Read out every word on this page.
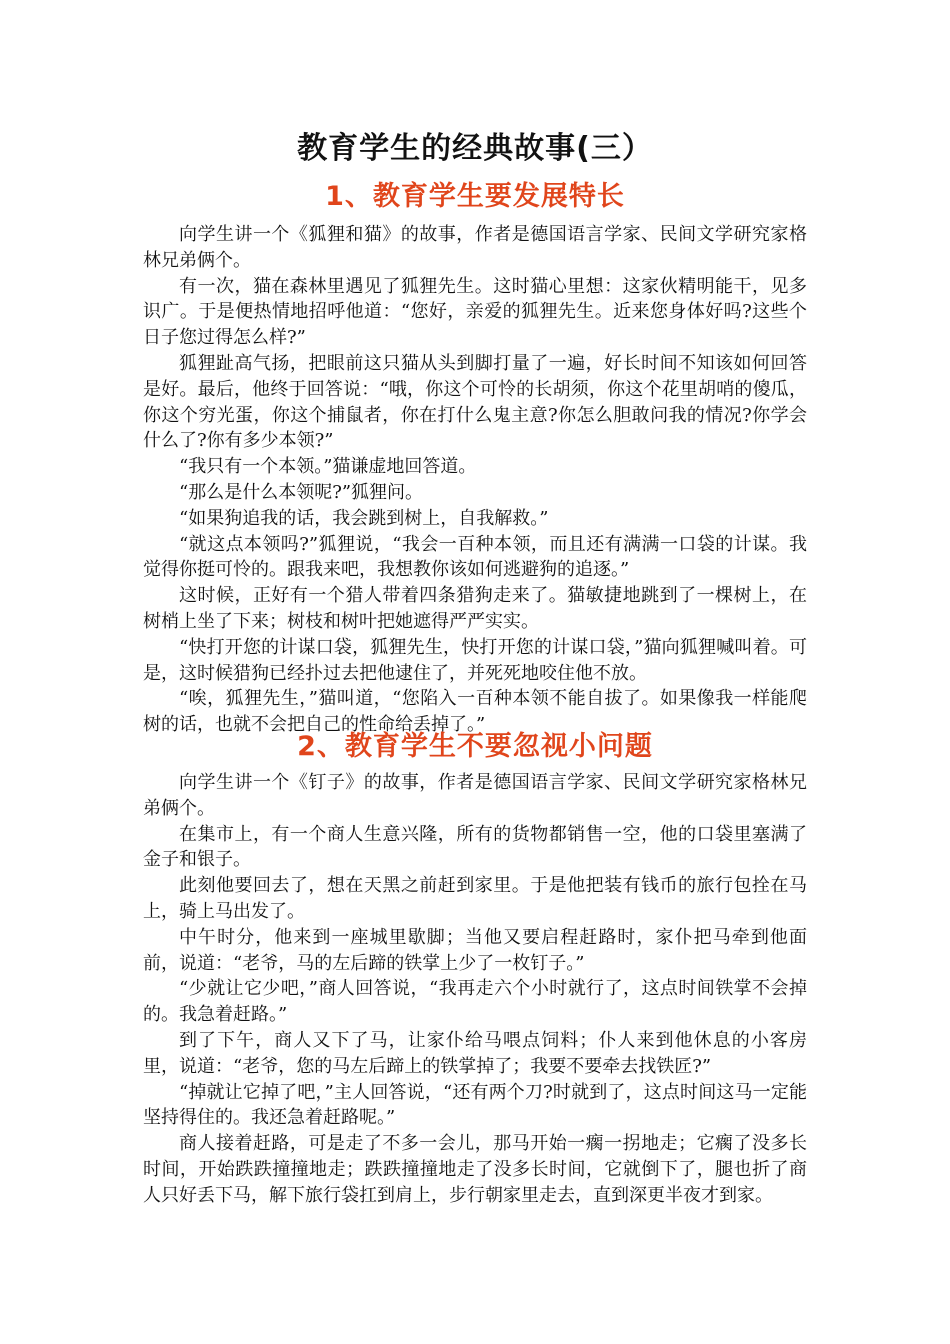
教育学生的经典故事(三）
1、教育学生要发展特长

向学生讲一个《狐狸和猫》的故事，作者是德国语言学家、民间文学研究家格林兄弟俩个。

有一次，猫在森林里遇见了狐狸先生。这时猫心里想：这家伙精明能干，见多识广。于是便热情地招呼他道：“您好，亲爱的狐狸先生。近来您身体好吗?这些个日子您过得怎么样?”

狐狸趾高气扬，把眼前这只猫从头到脚打量了一遍，好长时间不知该如何回答是好。最后，他终于回答说：“哦，你这个可怜的长胡须，你这个花里胡哨的傻瓜，你这个穷光蛋，你这个捕鼠者，你在打什么鬼主意?你怎么胆敢问我的情况?你学会什么了?你有多少本领?”

“我只有一个本领。”猫谦虚地回答道。

“那么是什么本领呢?”狐狸问。

“如果狗追我的话，我会跳到树上，自我解救。”

“就这点本领吗?”狐狸说，“我会一百种本领，而且还有满满一口袋的计谋。我觉得你挺可怜的。跟我来吧，我想教你该如何逃避狗的追逐。”

这时候，正好有一个猎人带着四条猎狗走来了。猫敏捷地跳到了一棵树上，在树梢上坐了下来；树枝和树叶把她遮得严严实实。

“快打开您的计谋口袋，狐狸先生，快打开您的计谋口袋，”猫向狐狸喊叫着。可是，这时候猎狗已经扑过去把他逮住了，并死死地咬住他不放。

“唉，狐狸先生，”猫叫道，“您陷入一百种本领不能自拔了。如果像我一样能爬树的话，也就不会把自己的性命给丢掉了。”

2、教育学生不要忽视小问题

向学生讲一个《钉子》的故事，作者是德国语言学家、民间文学研究家格林兄弟俩个。

在集市上，有一个商人生意兴隆，所有的货物都销售一空，他的口袋里塞满了金子和银子。

此刻他要回去了，想在天黑之前赶到家里。于是他把装有钱币的旅行包拴在马上，骑上马出发了。

中午时分，他来到一座城里歇脚；当他又要启程赶路时，家仆把马牵到他面前，说道：“老爷，马的左后蹄的铁掌上少了一枚钉子。”

“少就让它少吧，”商人回答说，“我再走六个小时就行了，这点时间铁掌不会掉的。我急着赶路。”

到了下午，商人又下了马，让家仆给马喂点饲料；仆人来到他休息的小客房里，说道：“老爷，您的马左后蹄上的铁掌掉了；我要不要牵去找铁匠?”

“掉就让它掉了吧，”主人回答说，“还有两个刀?时就到了，这点时间这马一定能坚持得住的。我还急着赶路呢。”

商人接着赶路，可是走了不多一会儿，那马开始一瘸一拐地走；它瘸了没多长时间，开始跌跌撞撞地走；跌跌撞撞地走了没多长时间，它就倒下了，腿也折了商人只好丢下马，解下旅行袋扛到肩上，步行朝家里走去，直到深更半夜才到家。
